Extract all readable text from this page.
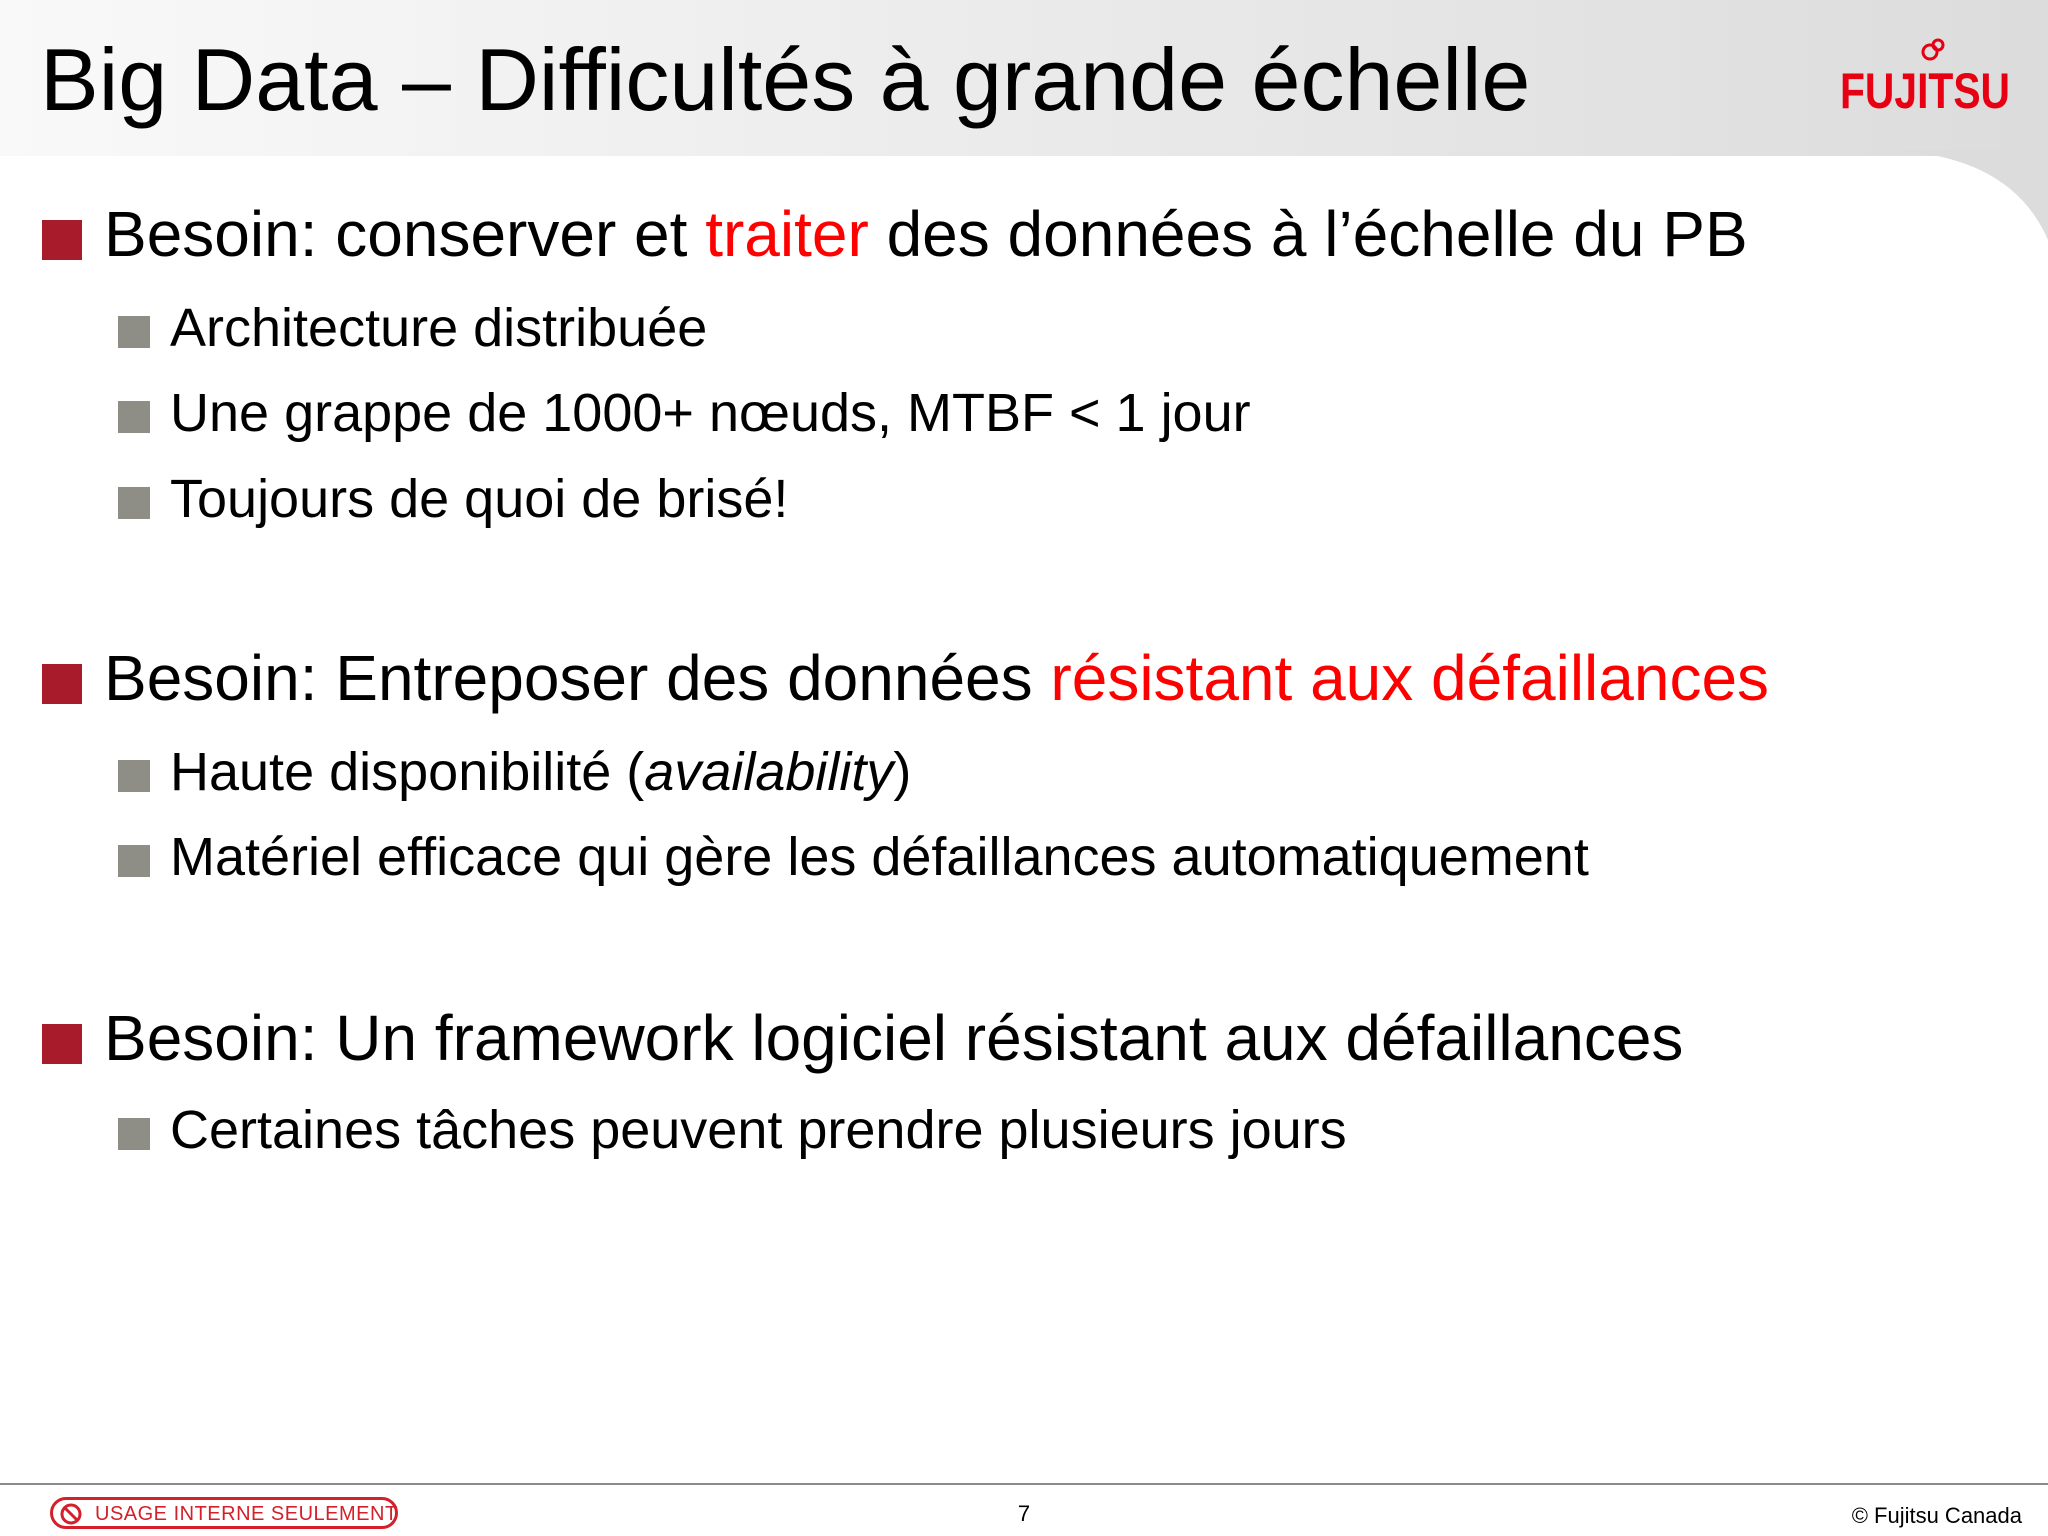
Big Data – Difficultés à grande échelle	FUJITSU
Besoin: conserver et traiter des données à l’échelle du PB
Architecture distribuée
Une grappe de 1000+ nœuds, MTBF < 1 jour
Toujours de quoi de brisé!
Besoin: Entreposer des données résistant aux défaillances
Haute disponibilité (availability)
Matériel efficace qui gère les défaillances automatiquement
Besoin: Un framework logiciel résistant aux défaillances
Certaines tâches peuvent prendre plusieurs jours
USAGE INTERNE SEULEMENT	7	© Fujitsu Canada
